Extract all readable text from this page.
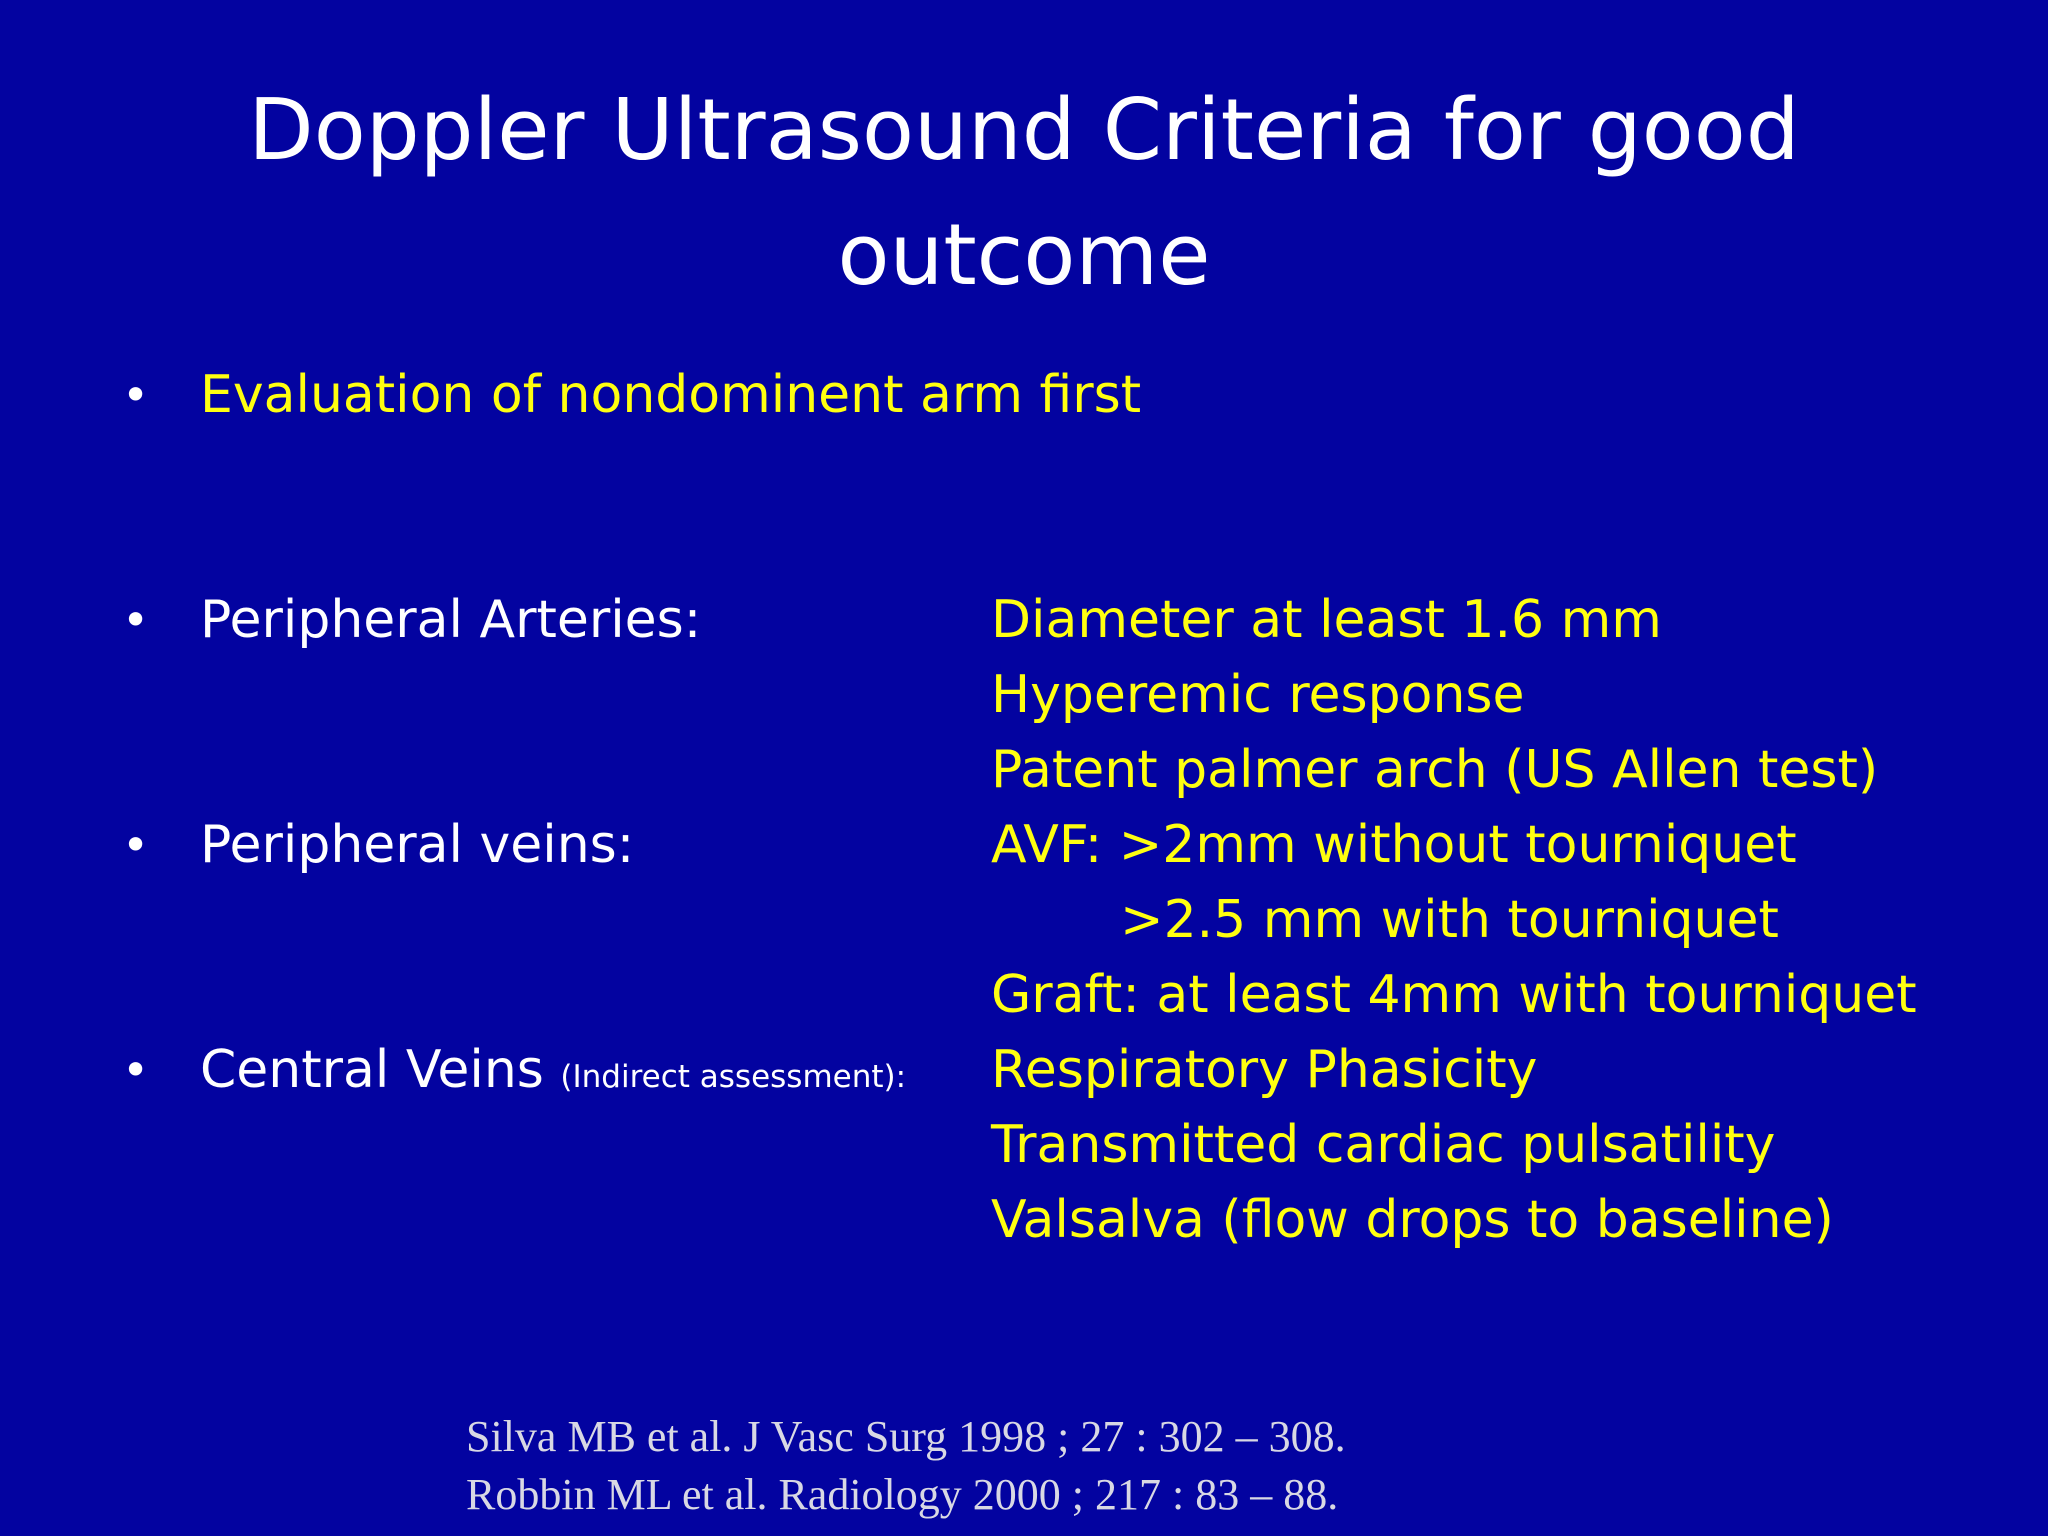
Doppler Ultrasound Criteria for good
outcome
• Evaluation of nondominent arm first
• Peripheral Arteries:	Diameter at least 1.6 mm
Hyperemic response
Patent palmer arch (US Allen test)
• Peripheral veins:	AVF: >2mm without tourniquet
>2.5 mm with tourniquet
Graft: at least 4mm with tourniquet
• Central Veins (Indirect assessment): Respiratory Phasicity
Transmitted cardiac pulsatility
Valsalva (flow drops to baseline)
Silva MB et al. J Vasc Surg 1998 ; 27 : 302 – 308.
Robbin ML et al. Radiology 2000 ; 217 : 83 – 88.
